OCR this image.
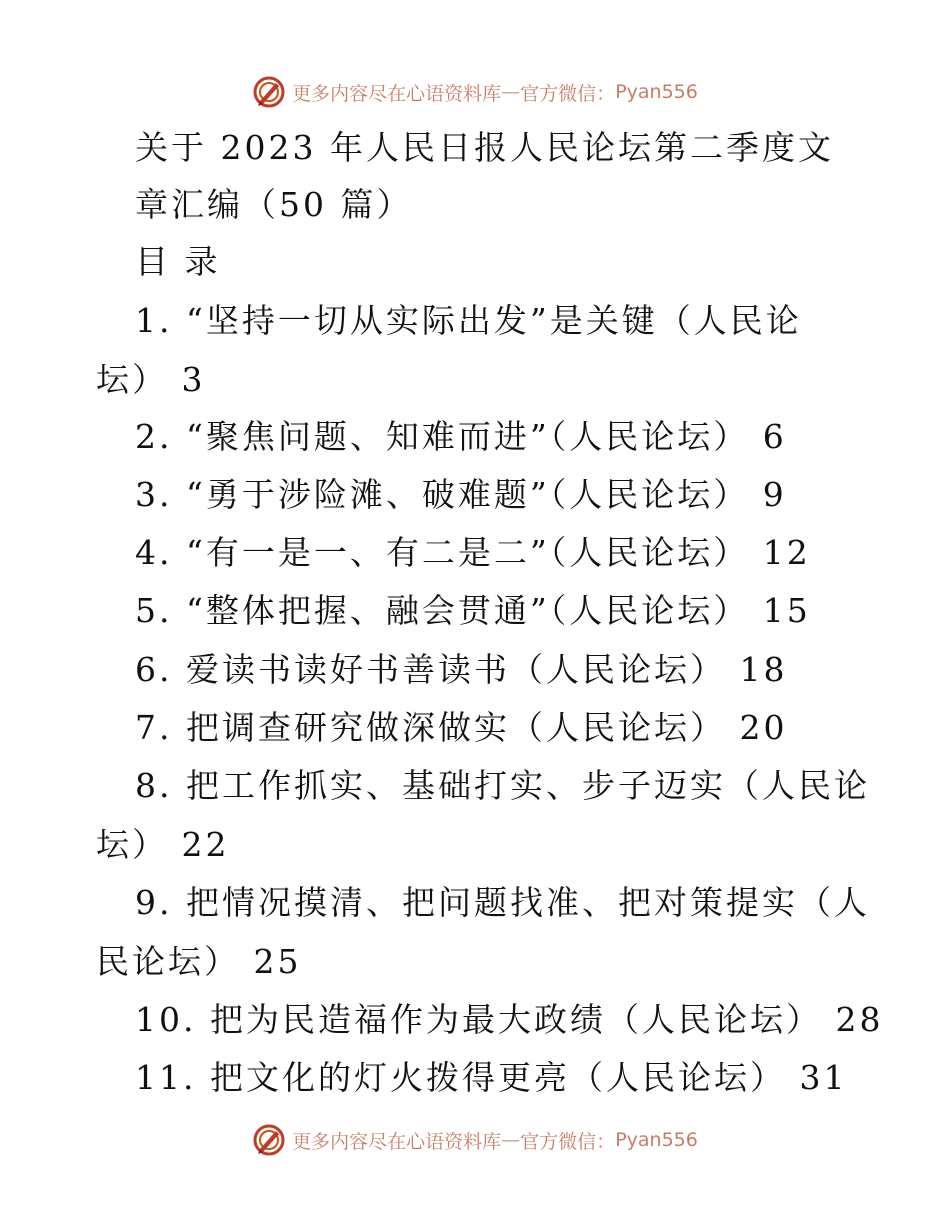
更多内容尽在心语资料库 — 官方微信： Pyan556
关于 2023 年人民日报人民论坛第二季度文
章汇编（50 篇）
目 录
1. “坚持一切从实际出发”是关键（人民论
坛） 3
2. “聚焦问题、知难而进”（人民论坛） 6
3. “勇于涉险滩、破难题”（人民论坛） 9
4. “有一是一、有二是二”（人民论坛） 12
5. “整体把握、融会贯通”（人民论坛） 15
6. 爱读书读好书善读书（人民论坛） 18
7. 把调查研究做深做实（人民论坛） 20
8. 把工作抓实、基础打实、步子迈实（人民论
坛） 22
9. 把情况摸清、把问题找准、把对策提实（人
民论坛） 25
10. 把为民造福作为最大政绩（人民论坛） 28
11. 把文化的灯火拨得更亮（人民论坛） 31
更多内容尽在心语资料库 — 官方微信： Pyan556
